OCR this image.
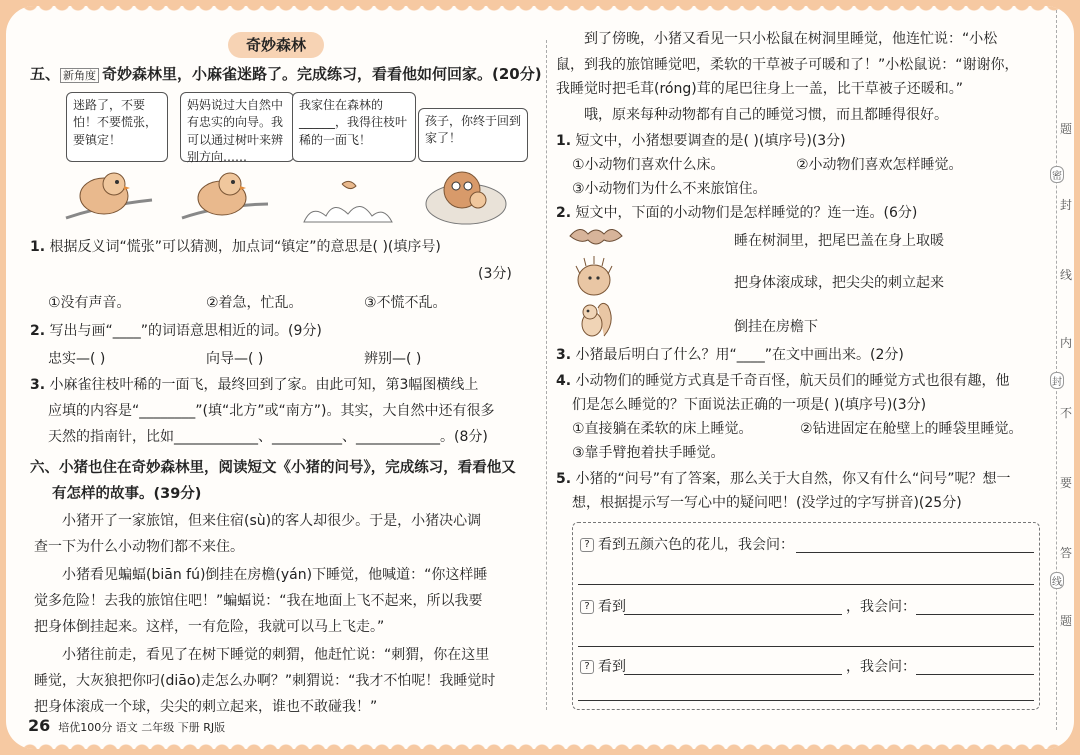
奇妙森林
五、 新角度 奇妙森林里，小麻雀迷路了。完成练习，看看他如何回家。(20分)
迷路了，不要怕！不要慌张，要镇定！
妈妈说过大自然中有忠实的向导。我可以通过树叶来辨别方向……
我家住在森林的______，我得往枝叶稀的一面飞！
孩子，你终于回到家了！
1. 根据反义词“慌张”可以猜测，加点词“镇定”的意思是( )(填序号)
(3分)
①没有声音。	②着急，忙乱。	③不慌不乱。
2. 写出与画“____”的词语意思相近的词。(9分)
忠实—( )	向导—( )	辨别—( )
3. 小麻雀往枝叶稀的一面飞，最终回到了家。由此可知，第3幅图横线上
应填的内容是“________”(填“北方”或“南方”)。其实，大自然中还有很多
天然的指南针，比如____________、__________、____________。(8分)
六、小猪也住在奇妙森林里，阅读短文《小猪的问号》，完成练习，看看他又
有怎样的故事。(39分)
小猪开了一家旅馆，但来住宿(sù)的客人却很少。于是，小猪决心调
查一下为什么小动物们都不来住。
小猪看见蝙蝠(biān fú)倒挂在房檐(yán)下睡觉，他喊道：“你这样睡
觉多危险！去我的旅馆住吧！”蝙蝠说：“我在地面上飞不起来，所以我要
把身体倒挂起来。这样，一有危险，我就可以马上飞走。”
小猪往前走，看见了在树下睡觉的刺猬，他赶忙说：“刺猬，你在这里
睡觉，大灰狼把你叼(diāo)走怎么办啊？”刺猬说：“我才不怕呢！我睡觉时
把身体滚成一个球，尖尖的刺立起来，谁也不敢碰我！”
到了傍晚，小猪又看见一只小松鼠在树洞里睡觉，他连忙说：“小松
鼠，到我的旅馆睡觉吧，柔软的干草被子可暖和了！”小松鼠说：“谢谢你，
我睡觉时把毛茸(róng)茸的尾巴往身上一盖，比干草被子还暖和。”
哦，原来每种动物都有自己的睡觉习惯，而且都睡得很好。
1. 短文中，小猪想要调查的是( )(填序号)(3分)
①小动物们喜欢什么床。	②小动物们喜欢怎样睡觉。
③小动物们为什么不来旅馆住。
2. 短文中，下面的小动物们是怎样睡觉的？连一连。(6分)
睡在树洞里，把尾巴盖在身上取暖
把身体滚成球，把尖尖的刺立起来
倒挂在房檐下
3. 小猪最后明白了什么？用“____”在文中画出来。(2分)
4. 小动物们的睡觉方式真是千奇百怪，航天员们的睡觉方式也很有趣，他
们是怎么睡觉的？下面说法正确的一项是( )(填序号)(3分)
①直接躺在柔软的床上睡觉。	②钻进固定在舱壁上的睡袋里睡觉。
③靠手臂抱着扶手睡觉。
5. 小猪的“问号”有了答案，那么关于大自然，你又有什么“问号”呢？想一
想，根据提示写一写心中的疑问吧！(没学过的字写拼音)(25分)
? 看到五颜六色的花儿，我会问：
? 看到	，我会问：
? 看到	，我会问：
题
封
线
内
不
要
答
题
密
封
线
26 培优100分 语文 二年级 下册 RJ版
